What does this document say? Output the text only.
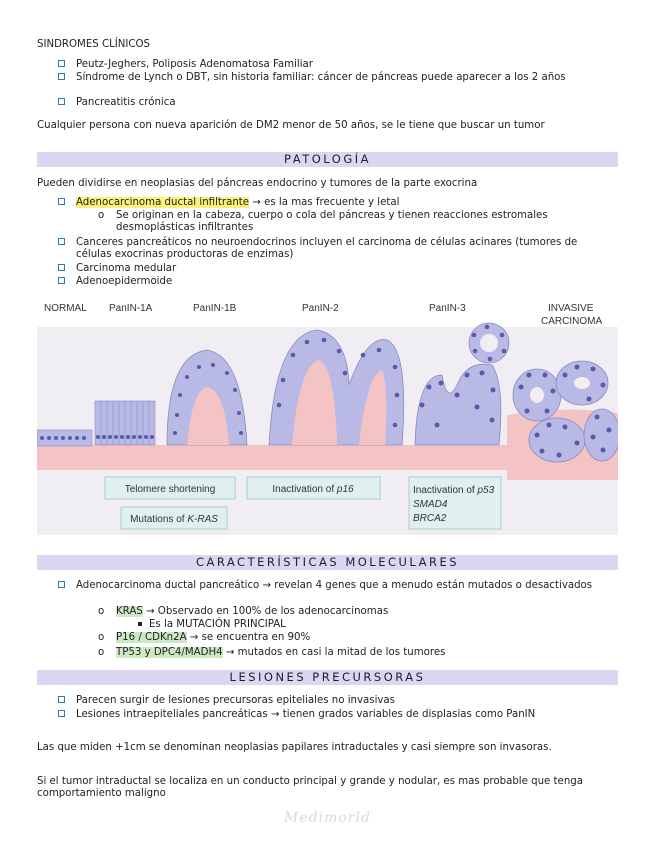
SINDROMES CLÍNICOS
Peutz-Jeghers, Poliposis Adenomatosa Familiar
Síndrome de Lynch o DBT, sin historia familiar: cáncer de páncreas puede aparecer a los 2 años
Pancreatitis crónica
Cualquier persona con nueva aparición de DM2 menor de 50 años, se le tiene que buscar un tumor
PATOLOGÍA
Pueden dividirse en neoplasias del páncreas endocrino y tumores de la parte exocrina
Adenocarcinoma ductal infiltrante → es la mas frecuente y letal
o Se originan en la cabeza, cuerpo o cola del páncreas y tienen reacciones estromales desmoplásticas infiltrantes
Canceres pancreáticos no neuroendocrinos incluyen el carcinoma de células acinares (tumores de células exocrinas productoras de enzimas)
Carcinoma medular
Adenoepidermoide
NORMAL PanIN-1A	PanIN-1B	PanIN-2	PanIN-3	INVASIVE
CARCINOMA
Telomere shortening
Mutations of K-RAS
Inactivation of p16	Inactivation of p53
SMAD4
BRCA2
CARACTERÍSTICAS MOLECULARES
Adenocarcinoma ductal pancreático → revelan 4 genes que a menudo están mutados o desactivados
o KRAS → Observado en 100% de los adenocarcinomas
Es la MUTACIÓN PRINCIPAL
o P16 / CDKn2A → se encuentra en 90%
o TP53 y DPC4/MADH4 → mutados en casi la mitad de los tumores
LESIONES PRECURSORAS
Parecen surgir de lesiones precursoras epiteliales no invasivas
Lesiones intraepiteliales pancreáticas → tienen grados variables de displasias como PanIN
Las que miden +1cm se denominan neoplasias papilares intraductales y casi siempre son invasoras.
Si el tumor intraductal se localiza en un conducto principal y grande y nodular, es mas probable que tenga comportamiento maligno
Medimorld
